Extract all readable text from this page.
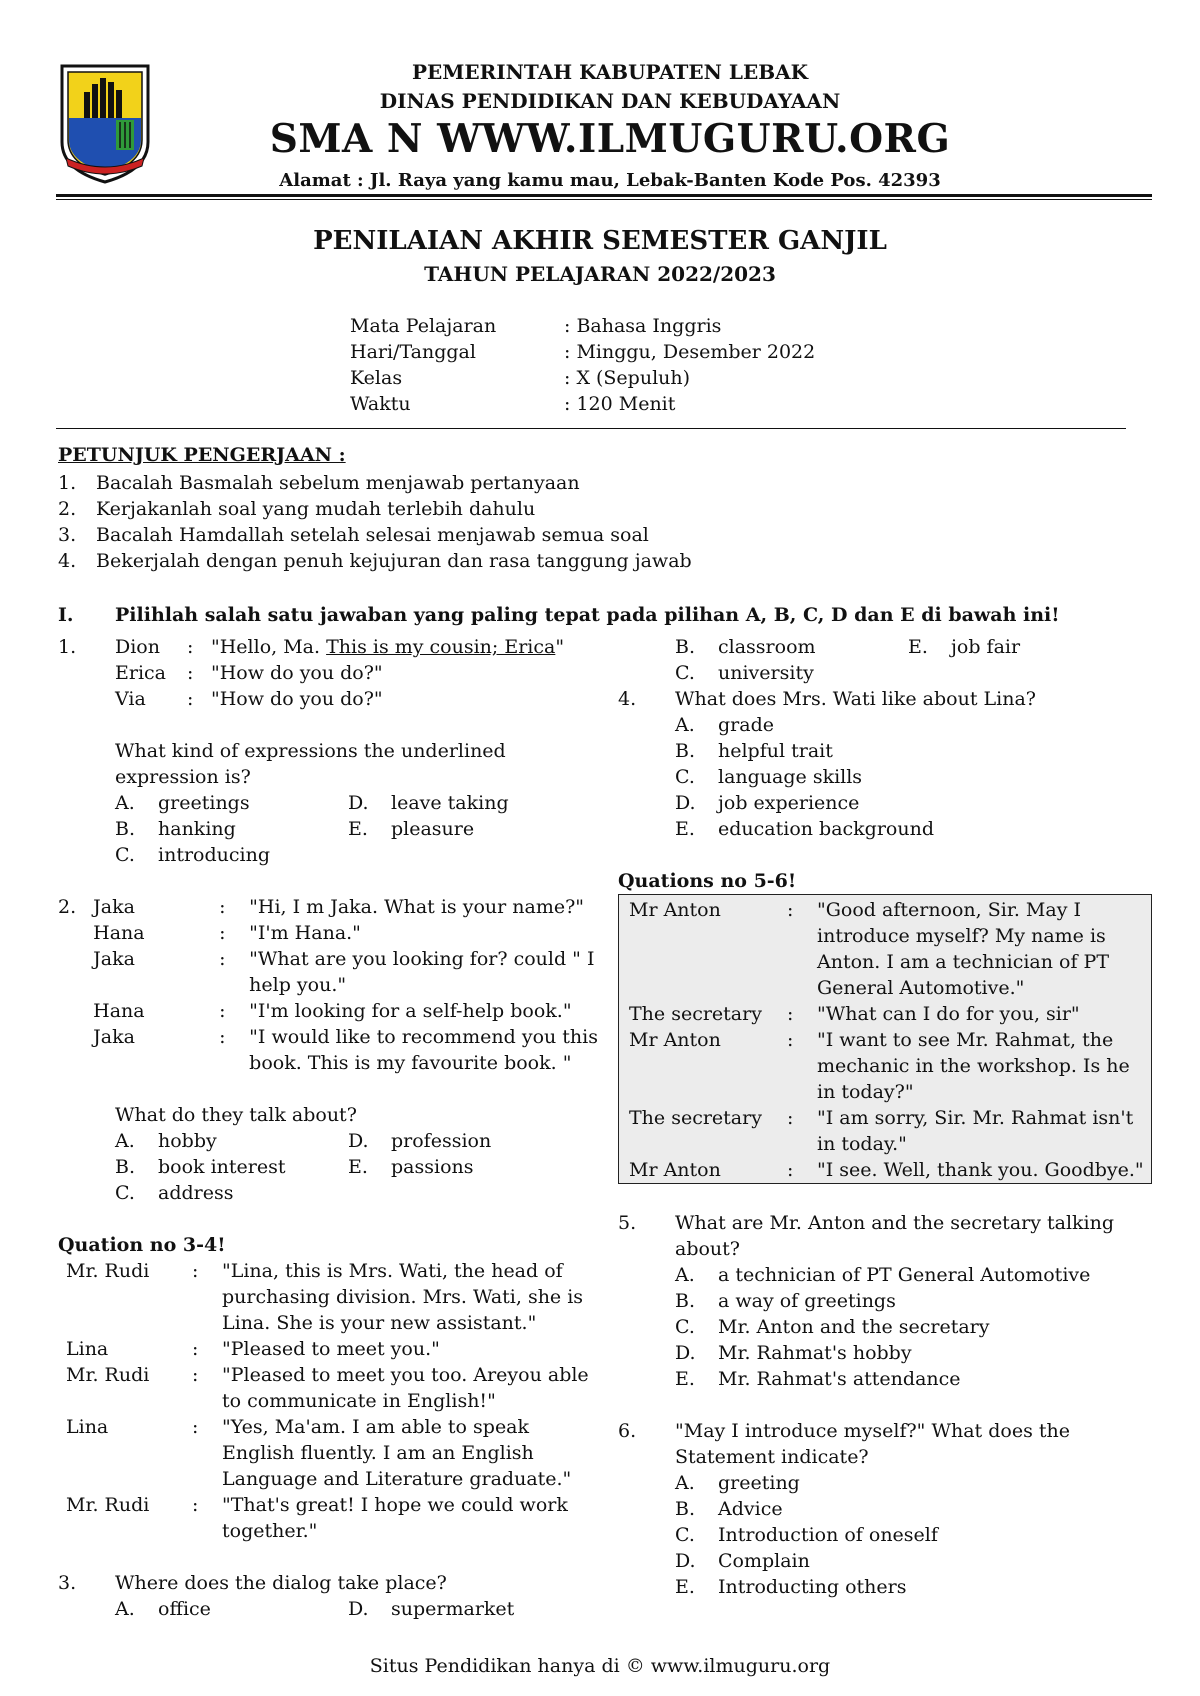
PEMERINTAH KABUPATEN LEBAK
DINAS PENDIDIKAN DAN KEBUDAYAAN
SMA N WWW.ILMUGURU.ORG
Alamat : Jl. Raya yang kamu mau, Lebak-Banten Kode Pos. 42393
PENILAIAN AKHIR SEMESTER GANJIL
TAHUN PELAJARAN 2022/2023
Mata Pelajaran	: Bahasa Inggris
Hari/Tanggal	: Minggu, Desember 2022
Kelas	: X (Sepuluh)
Waktu	: 120 Menit
PETUNJUK PENGERJAAN :
1. Bacalah Basmalah sebelum menjawab pertanyaan
2. Kerjakanlah soal yang mudah terlebih dahulu
3. Bacalah Hamdallah setelah selesai menjawab semua soal
4. Bekerjalah dengan penuh kejujuran dan rasa tanggung jawab
I. Pilihlah salah satu jawaban yang paling tepat pada pilihan A, B, C, D dan E di bawah ini!
1.	Dion	: "Hello, Ma. This is my cousin; Erica"
Erica	: "How do you do?"
Via	: "How do you do?"
What kind of expressions the underlined
expression is?
A.	greetings	D.	leave taking
B.	hanking	E.	pleasure
C.	introducing
2. Jaka	:	"Hi, I m Jaka. What is your name?"
Hana	:	"I'm Hana."
Jaka	:	"What are you looking for? could " I
help you."
Hana	:	"I'm looking for a self-help book."
Jaka	:	"I would like to recommend you this
book. This is my favourite book. "
What do they talk about?
A.	hobby	D.	profession
B.	book interest	E.	passions
C.	address
Quation no 3-4!
Mr. Rudi	:	"Lina, this is Mrs. Wati, the head of
purchasing division. Mrs. Wati, she is
Lina. She is your new assistant."
Lina	:	"Pleased to meet you."
Mr. Rudi	:	"Pleased to meet you too. Areyou able
to communicate in English!"
Lina	:	"Yes, Ma'am. I am able to speak
English fluently. I am an English
Language and Literature graduate."
Mr. Rudi	:	"That's great! I hope we could work
together."
3. Where does the dialog take place?
A.	office	D.	supermarket
B.	classroom	E.	job fair
C.	university
4. What does Mrs. Wati like about Lina?
A.	grade
B.	helpful trait
C.	language skills
D.	job experience
E.	education background
Quations no 5-6!
Mr Anton	:	"Good afternoon, Sir. May I
introduce myself? My name is
Anton. I am a technician of PT
General Automotive."
The secretary	:	"What can I do for you, sir"
Mr Anton	:	"I want to see Mr. Rahmat, the
mechanic in the workshop. Is he
in today?"
The secretary	:	"I am sorry, Sir. Mr. Rahmat isn't
in today."
Mr Anton	:	"I see. Well, thank you. Goodbye."
5. What are Mr. Anton and the secretary talking
about?
A.	a technician of PT General Automotive
B.	a way of greetings
C.	Mr. Anton and the secretary
D.	Mr. Rahmat's hobby
E.	Mr. Rahmat's attendance
6. "May I introduce myself?" What does the
Statement indicate?
A.	greeting
B.	Advice
C.	Introduction of oneself
D.	Complain
E.	Introducting others
Situs Pendidikan hanya di © www.ilmuguru.org
